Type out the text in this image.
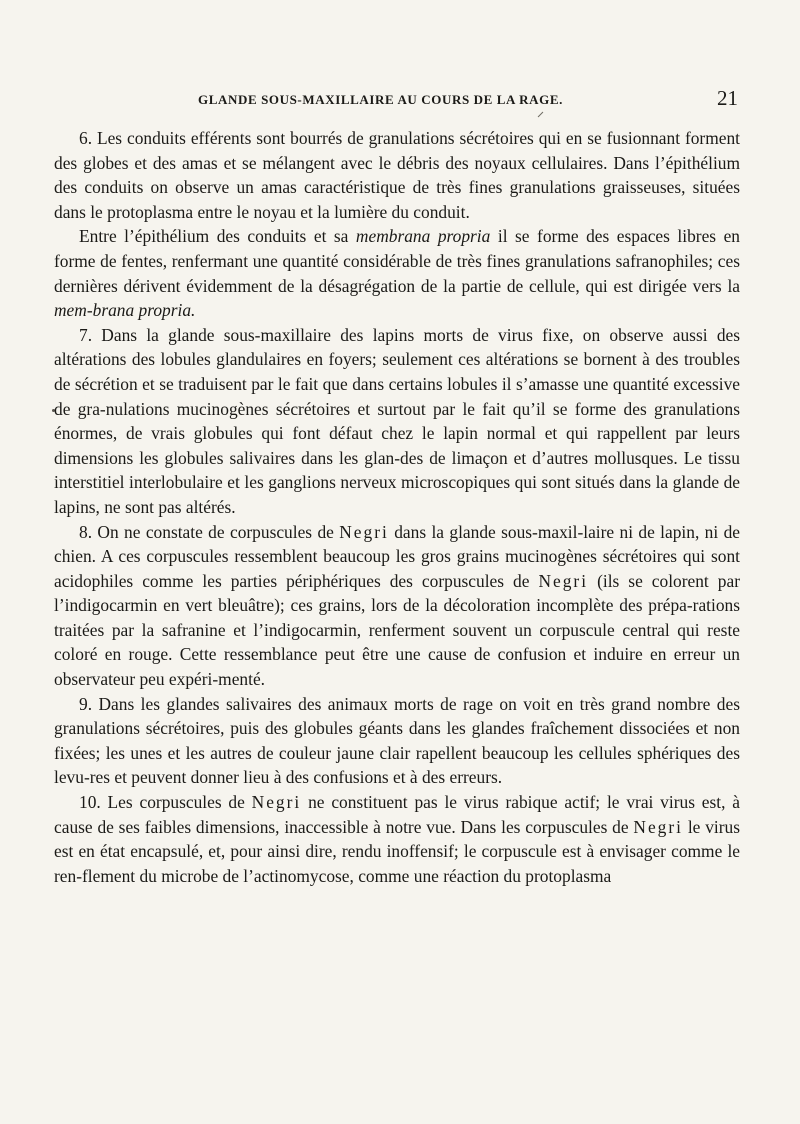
GLANDE SOUS-MAXILLAIRE AU COURS DE LA RAGE.	21

6. Les conduits efférents sont bourrés de granulations sécrétoires qui en se fusionnant forment des globes et des amas et se mélangent avec le débris des noyaux cellulaires. Dans l’épithélium des conduits on observe un amas caractéristique de très fines granulations graisseuses, situées dans le protoplasma entre le noyau et la lumière du conduit.

Entre l’épithélium des conduits et sa membrana propria il se forme des espaces libres en forme de fentes, renfermant une quantité considérable de très fines granulations safranophiles; ces dernières dérivent évidemment de la désagrégation de la partie de cellule, qui est dirigée vers la mem-brana propria.

7. Dans la glande sous-maxillaire des lapins morts de virus fixe, on observe aussi des altérations des lobules glandulaires en foyers; seulement ces altérations se bornent à des troubles de sécrétion et se traduisent par le fait que dans certains lobules il s’amasse une quantité excessive de gra-nulations mucinogènes sécrétoires et surtout par le fait qu’il se forme des granulations énormes, de vrais globules qui font défaut chez le lapin normal et qui rappellent par leurs dimensions les globules salivaires dans les glan-des de limaçon et d’autres mollusques. Le tissu interstitiel interlobulaire et les ganglions nerveux microscopiques qui sont situés dans la glande de lapins, ne sont pas altérés.

8. On ne constate de corpuscules de Negri dans la glande sous-maxil-laire ni de lapin, ni de chien. A ces corpuscules ressemblent beaucoup les gros grains mucinogènes sécrétoires qui sont acidophiles comme les parties périphériques des corpuscules de Negri (ils se colorent par l’indigocarmin en vert bleuâtre); ces grains, lors de la décoloration incomplète des prépa-rations traitées par la safranine et l’indigocarmin, renferment souvent un corpuscule central qui reste coloré en rouge. Cette ressemblance peut être une cause de confusion et induire en erreur un observateur peu expéri-menté.

9. Dans les glandes salivaires des animaux morts de rage on voit en très grand nombre des granulations sécrétoires, puis des globules géants dans les glandes fraîchement dissociées et non fixées; les unes et les autres de couleur jaune clair rapellent beaucoup les cellules sphériques des levu-res et peuvent donner lieu à des confusions et à des erreurs.

10. Les corpuscules de Negri ne constituent pas le virus rabique actif; le vrai virus est, à cause de ses faibles dimensions, inaccessible à notre vue. Dans les corpuscules de Negri le virus est en état encapsulé, et, pour ainsi dire, rendu inoffensif; le corpuscule est à envisager comme le ren-flement du microbe de l’actinomycose, comme une réaction du protoplasma
